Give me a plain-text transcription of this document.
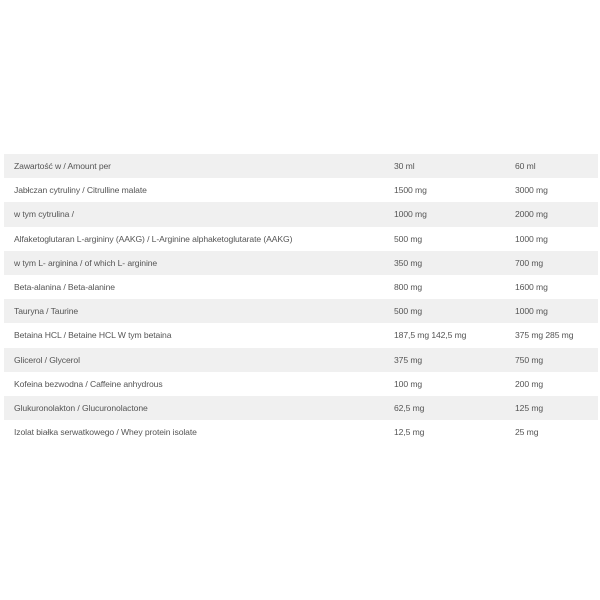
Zawartość w / Amount per	30 ml	60 ml
Jabłczan cytruliny / Citrulline malate	1500 mg	3000 mg
w tym cytrulina /	1000 mg	2000 mg
Alfaketoglutaran L-argininy (AAKG) / L-Arginine alphaketoglutarate (AAKG)	500 mg	1000 mg
w tym L- arginina / of which L- arginine	350 mg	700 mg
Beta-alanina / Beta-alanine	800 mg	1600 mg
Tauryna / Taurine	500 mg	1000 mg
Betaina HCL / Betaine HCL W tym betaina	187,5 mg 142,5 mg	375 mg 285 mg
Glicerol / Glycerol	375 mg	750 mg
Kofeina bezwodna / Caffeine anhydrous	100 mg	200 mg
Glukuronolakton / Glucuronolactone	62,5 mg	125 mg
Izolat białka serwatkowego / Whey protein isolate	12,5 mg	25 mg
